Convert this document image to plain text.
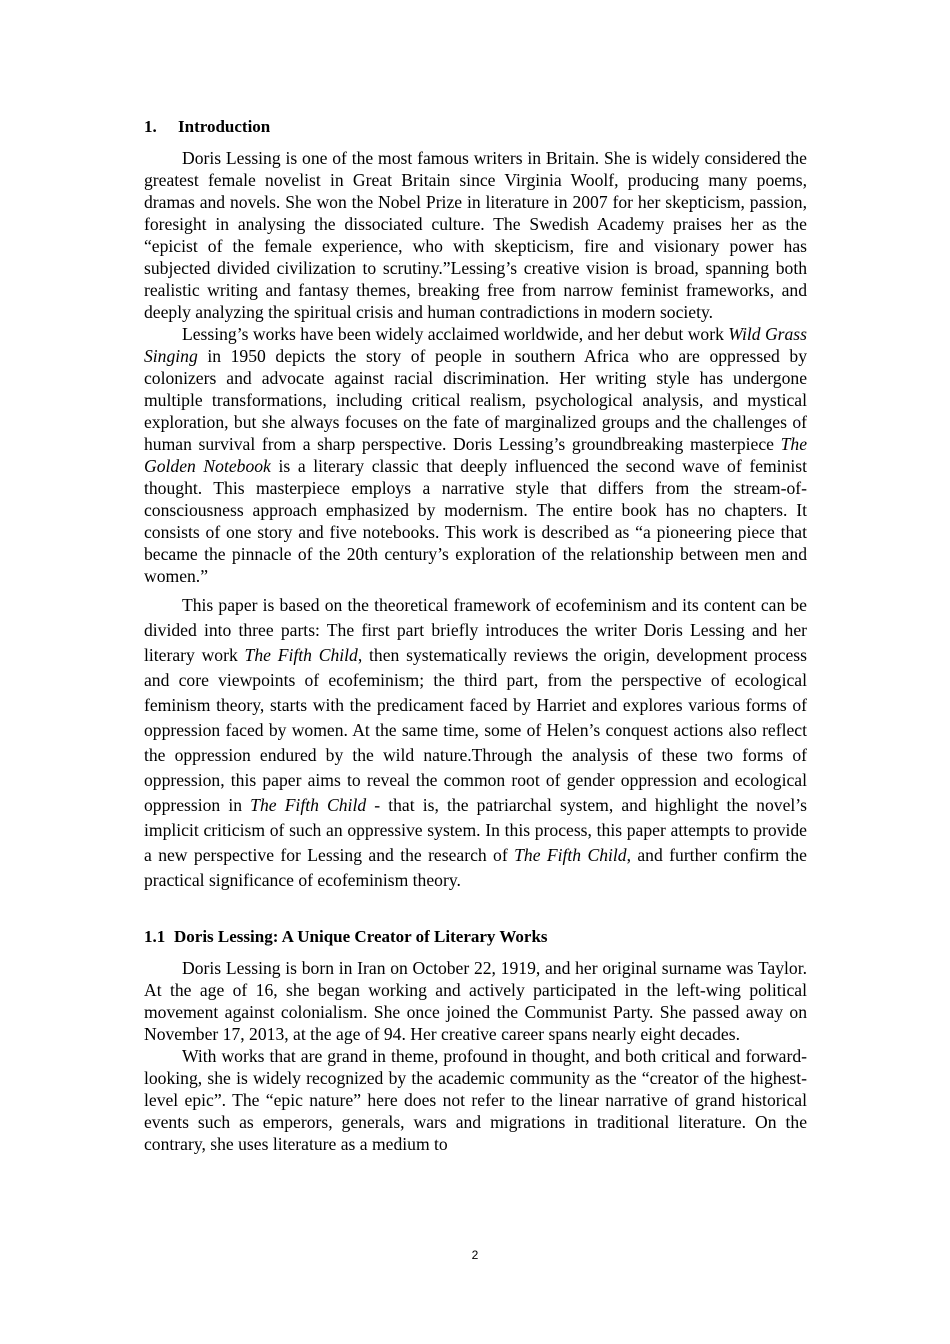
1. Introduction

Doris Lessing is one of the most famous writers in Britain. She is widely considered the greatest female novelist in Great Britain since Virginia Woolf, producing many poems, dramas and novels. She won the Nobel Prize in literature in 2007 for her skepticism, passion, foresight in analysing the dissociated culture. The Swedish Academy praises her as the “epicist of the female experience, who with skepticism, fire and visionary power has subjected divided civilization to scrutiny.”Lessing’s creative vision is broad, spanning both realistic writing and fantasy themes, breaking free from narrow feminist frameworks, and deeply analyzing the spiritual crisis and human contradictions in modern society.

Lessing’s works have been widely acclaimed worldwide, and her debut work Wild Grass Singing in 1950 depicts the story of people in southern Africa who are oppressed by colonizers and advocate against racial discrimination. Her writing style has undergone multiple transformations, including critical realism, psychological analysis, and mystical exploration, but she always focuses on the fate of marginalized groups and the challenges of human survival from a sharp perspective. Doris Lessing’s groundbreaking masterpiece The Golden Notebook is a literary classic that deeply influenced the second wave of feminist thought. This masterpiece employs a narrative style that differs from the stream-of-consciousness approach emphasized by modernism. The entire book has no chapters. It consists of one story and five notebooks. This work is described as “a pioneering piece that became the pinnacle of the 20th century’s exploration of the relationship between men and women.”

This paper is based on the theoretical framework of ecofeminism and its content can be divided into three parts: The first part briefly introduces the writer Doris Lessing and her literary work The Fifth Child, then systematically reviews the origin, development process and core viewpoints of ecofeminism; the third part, from the perspective of ecological feminism theory, starts with the predicament faced by Harriet and explores various forms of oppression faced by women. At the same time, some of Helen’s conquest actions also reflect the oppression endured by the wild nature.Through the analysis of these two forms of oppression, this paper aims to reveal the common root of gender oppression and ecological oppression in The Fifth Child - that is, the patriarchal system, and highlight the novel’s implicit criticism of such an oppressive system. In this process, this paper attempts to provide a new perspective for Lessing and the research of The Fifth Child, and further confirm the practical significance of ecofeminism theory.

1.1 Doris Lessing: A Unique Creator of Literary Works

Doris Lessing is born in Iran on October 22, 1919, and her original surname was Taylor. At the age of 16, she began working and actively participated in the left-wing political movement against colonialism. She once joined the Communist Party. She passed away on November 17, 2013, at the age of 94. Her creative career spans nearly eight decades.

With works that are grand in theme, profound in thought, and both critical and forward-looking, she is widely recognized by the academic community as the “creator of the highest-level epic”. The “epic nature” here does not refer to the linear narrative of grand historical events such as emperors, generals, wars and migrations in traditional literature. On the contrary, she uses literature as a medium to

2
